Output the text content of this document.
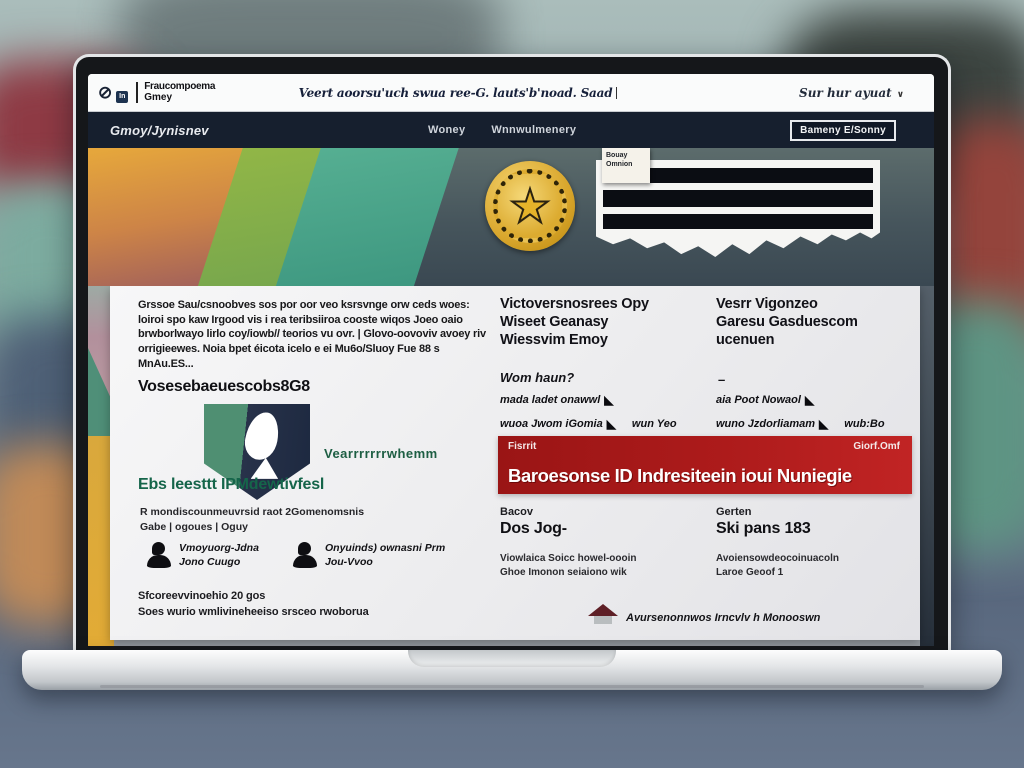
⊘ In
Fraucompoema
Gmey	Veert aoorsu'uch swua ree-G. lauts'b'noad. Saad	Sur hur ayuat ∨
Gmoy/Jynisnev	Woney Wnnwulmenery	Bameny E/Sonny
★
Bouay
Omnion
Grssoe Sau/csnoobves sos por oor veo ksrsvnge orw ceds woes: loiroi spo kaw Irgood vis i rea teribsiiroa cooste wiqos Joeo oaio brwborlwayo lirlo coy/iowb// teorios vu ovr. | Glovo-oovoviv avoey riv orrigieewes. Noia bpet éicota icelo e ei Mu6o/Sluoy Fue 88 s MnAu.ES...
Vosesebaeuescobs8G8
Vearrrrrrrwhemm
Ebs leesttt IPMdewtivfesl
R mondiscounmeuvrsid raot 2Gomenomsnis
Gabe | ogoues | Oguy
Vmoyuorg-Jdna
Jono Cuugo
Onyuinds) ownasni Prm
Jou-Vvoo
Sfcoreevvinoehio 20 gos
Soes wurio wmlivineheeiso srsceo rwoborua
Victoversnosrees Opy
Wiseet Geanasy
Wiessvim Emoy
Wom haun?
mada ladet onawwl ◣
wuoa Jwom iGomia ◣ wun Yeo
Vesrr Vigonzeo
Garesu Gasduescom
ucenuen
–
aia Poot Nowaol ◣
wuno Jzdorliamam ◣ wub:Bo
Fisrrit	Giorf.Omf
Baroesonse ID Indresiteein ioui Nuniegie
Bacov
Dos Jog-
Viowlaica Soicc howel-oooin
Ghoe Imonon seiaiono wik
Gerten
Ski pans 183
Avoiensowdeocoinuacoln
Laroe Geoof 1
Avursenonnwos Irncvlv h Monooswn
